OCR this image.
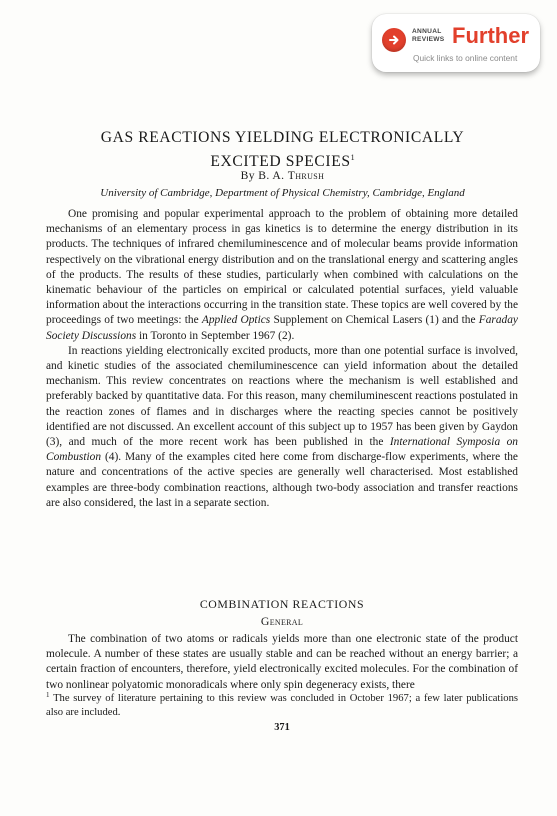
ANNUAL
REVIEWS Further
Quick links to online content
GAS REACTIONS YIELDING ELECTRONICALLY
EXCITED SPECIES$^1$
By B. A. Thrush
University of Cambridge, Department of Physical Chemistry, Cambridge, England

One promising and popular experimental approach to the problem of obtaining more detailed mechanisms of an elementary process in gas kinetics is to determine the energy distribution in its products. The techniques of infrared chemiluminescence and of molecular beams provide information respectively on the vibrational energy distribution and on the translational energy and scattering angles of the products. The results of these studies, particularly when combined with calculations on the kinematic behaviour of the particles on empirical or calculated potential surfaces, yield valuable information about the interactions occurring in the transition state. These topics are well covered by the proceedings of two meetings: the Applied Optics Supplement on Chemical Lasers (1) and the Faraday Society Discussions in Toronto in September 1967 (2).

In reactions yielding electronically excited products, more than one potential surface is involved, and kinetic studies of the associated chemiluminescence can yield information about the detailed mechanism. This review concentrates on reactions where the mechanism is well established and preferably backed by quantitative data. For this reason, many chemiluminescent reactions postulated in the reaction zones of flames and in discharges where the reacting species cannot be positively identified are not discussed. An excellent account of this subject up to 1957 has been given by Gaydon (3), and much of the more recent work has been published in the International Symposia on Combustion (4). Many of the examples cited here come from discharge-flow experiments, where the nature and concentrations of the active species are generally well characterised. Most established examples are three-body combination reactions, although two-body association and transfer reactions are also considered, the last in a separate section.

COMBINATION REACTIONS
General

The combination of two atoms or radicals yields more than one electronic state of the product molecule. A number of these states are usually stable and can be reached without an energy barrier; a certain fraction of encounters, therefore, yield electronically excited molecules. For the combination of two nonlinear polyatomic monoradicals where only spin degeneracy exists, there

$^1$ The survey of literature pertaining to this review was concluded in October 1967; a few later publications also are included.
371
